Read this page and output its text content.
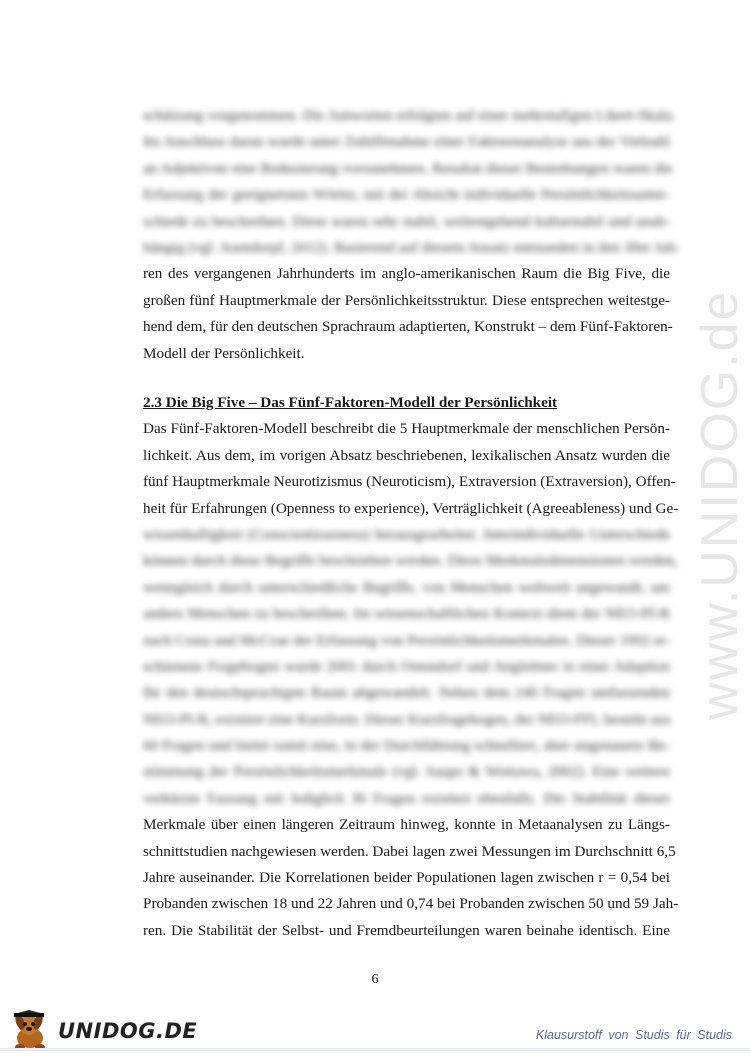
www.UNIDOG.de
schätzung vorgenommen. Die Antworten erfolgten auf einer mehrstufigen Likert-Skala.
Im Anschluss daran wurde unter Zuhilfenahme einer Faktorenanalyse aus der Vielzahl
an Adjektiven eine Reduzierung vorzunehmen. Resultat dieser Bestrebungen waren die
Erfassung der geeignetsten Wörter, mit der Absicht individuelle Persönlichkeitsunter-
schiede zu beschreiben. Diese waren sehr stabil, weitestgehend kulturstabil und unab-
hängig (vgl. Asendorpf, 2012). Basierend auf diesem Ansatz entstanden in den 30er Jah-
ren des vergangenen Jahrhunderts im anglo-amerikanischen Raum die Big Five, die
großen fünf Hauptmerkmale der Persönlichkeitsstruktur. Diese entsprechen weitestge-
hend dem, für den deutschen Sprachraum adaptierten, Konstrukt – dem Fünf-Faktoren-
Modell der Persönlichkeit.
2.3 Die Big Five – Das Fünf-Faktoren-Modell der Persönlichkeit
Das Fünf-Faktoren-Modell beschreibt die 5 Hauptmerkmale der menschlichen Persön-
lichkeit. Aus dem, im vorigen Absatz beschriebenen, lexikalischen Ansatz wurden die
fünf Hauptmerkmale Neurotizismus (Neuroticism), Extraversion (Extraversion), Offen-
heit für Erfahrungen (Openness to experience), Verträglichkeit (Agreeableness) und Ge-
wissenhaftigkeit (Conscientiousness) herausgearbeitet. Interindividuelle Unterschiede
können durch diese Begriffe beschrieben werden. Diese Merkmalsdimensionen werden,
wenngleich durch unterschiedliche Begriffe, von Menschen weltweit angewandt, um
andere Menschen zu beschreiben. Im wissenschaftlichen Kontext dient der NEO-PI-R
nach Costa und McCrae der Erfassung von Persönlichkeitsmerkmalen. Dieser 1992 er-
schienene Fragebogen wurde 2001 durch Ostendorf und Angleitner in einer Adaption
für den deutschsprachigen Raum abgewandelt. Neben dem 240 Fragen umfassenden
NEO-PI-R, existiert eine Kurzform. Dieser Kurzfragebogen, der NEO-FFI, besteht aus
60 Fragen und bietet somit eine, in der Durchführung schnellere, aber ungenauere Be-
stimmung der Persönlichkeitsmerkmale (vgl. Saupe & Wottawa, 2002). Eine weitere
verkürzte Fassung mit lediglich 30 Fragen existiert ebenfalls. Die Stabilität dieser
Merkmale über einen längeren Zeitraum hinweg, konnte in Metaanalysen zu Längs-
schnittstudien nachgewiesen werden. Dabei lagen zwei Messungen im Durchschnitt 6,5
Jahre auseinander. Die Korrelationen beider Populationen lagen zwischen r = 0,54 bei
Probanden zwischen 18 und 22 Jahren und 0,74 bei Probanden zwischen 50 und 59 Jah-
ren. Die Stabilität der Selbst- und Fremdbeurteilungen waren beinahe identisch. Eine
6
UNIDOG.DE	Klausurstoff von Studis für Studis
